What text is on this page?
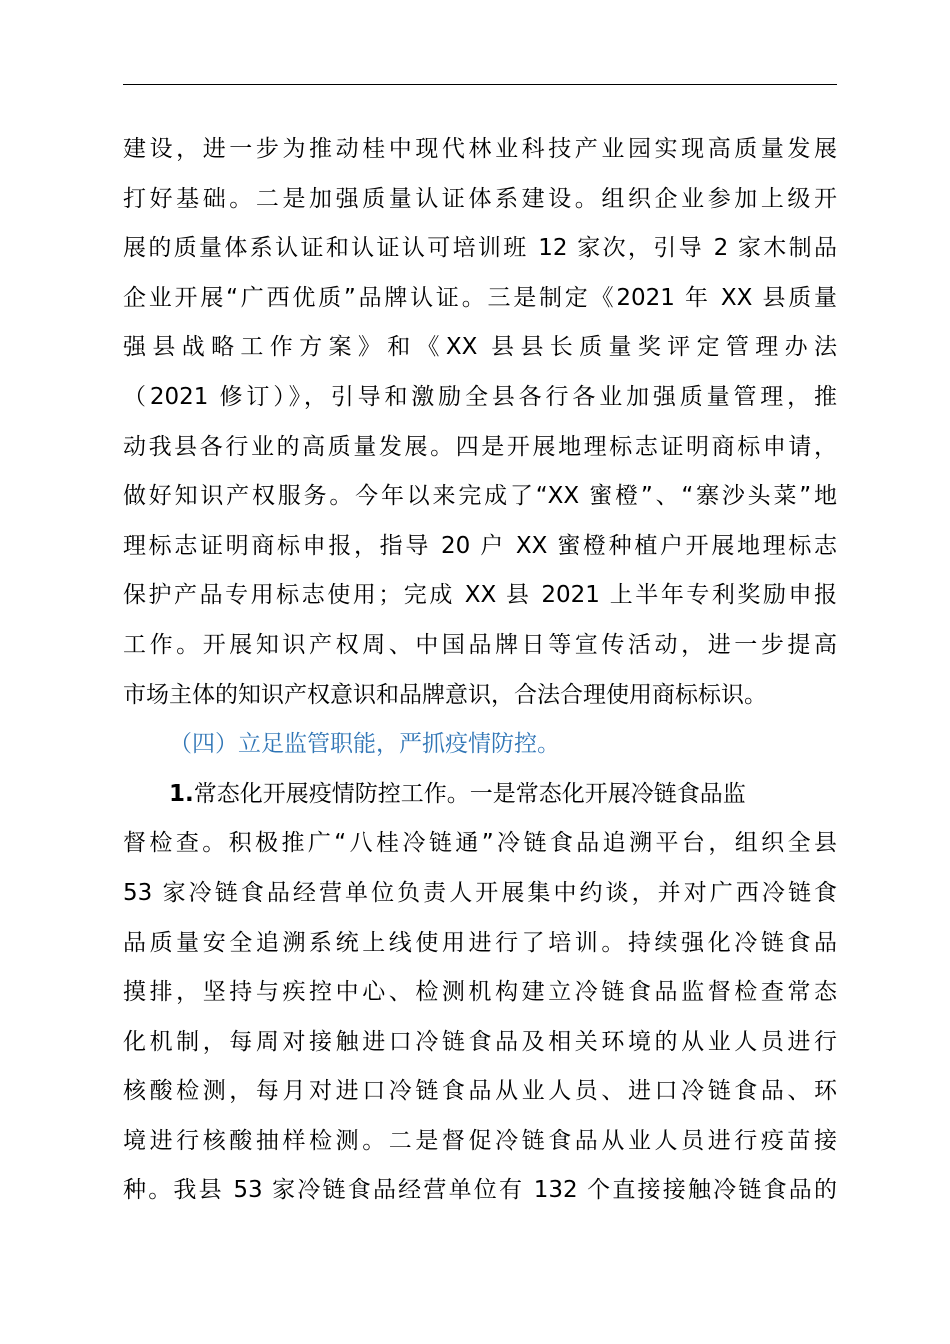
建设，进一步为推动桂中现代林业科技产业园实现高质量发展
打好基础。二是加强质量认证体系建设。组织企业参加上级开
展的质量体系认证和认证认可培训班 12 家次，引导 2 家木制品
企业开展“广西优质”品牌认证。三是制定《2021 年 XX 县质量
强县战略工作方案》和《XX 县县长质量奖评定管理办法
（2021 修订）》，引导和激励全县各行各业加强质量管理，推
动我县各行业的高质量发展。四是开展地理标志证明商标申请，
做好知识产权服务。今年以来完成了“XX 蜜橙”、“寨沙头菜”地
理标志证明商标申报，指导 20 户 XX 蜜橙种植户开展地理标志
保护产品专用标志使用；完成 XX 县 2021 上半年专利奖励申报
工作。开展知识产权周、中国品牌日等宣传活动，进一步提高
市场主体的知识产权意识和品牌意识，合法合理使用商标标识。
（四）立足监管职能，严抓疫情防控。
1.常态化开展疫情防控工作。一是常态化开展冷链食品监
督检查。积极推广“八桂冷链通”冷链食品追溯平台，组织全县
53 家冷链食品经营单位负责人开展集中约谈，并对广西冷链食
品质量安全追溯系统上线使用进行了培训。持续强化冷链食品
摸排，坚持与疾控中心、检测机构建立冷链食品监督检查常态
化机制，每周对接触进口冷链食品及相关环境的从业人员进行
核酸检测，每月对进口冷链食品从业人员、进口冷链食品、环
境进行核酸抽样检测。二是督促冷链食品从业人员进行疫苗接
种。我县 53 家冷链食品经营单位有 132 个直接接触冷链食品的
